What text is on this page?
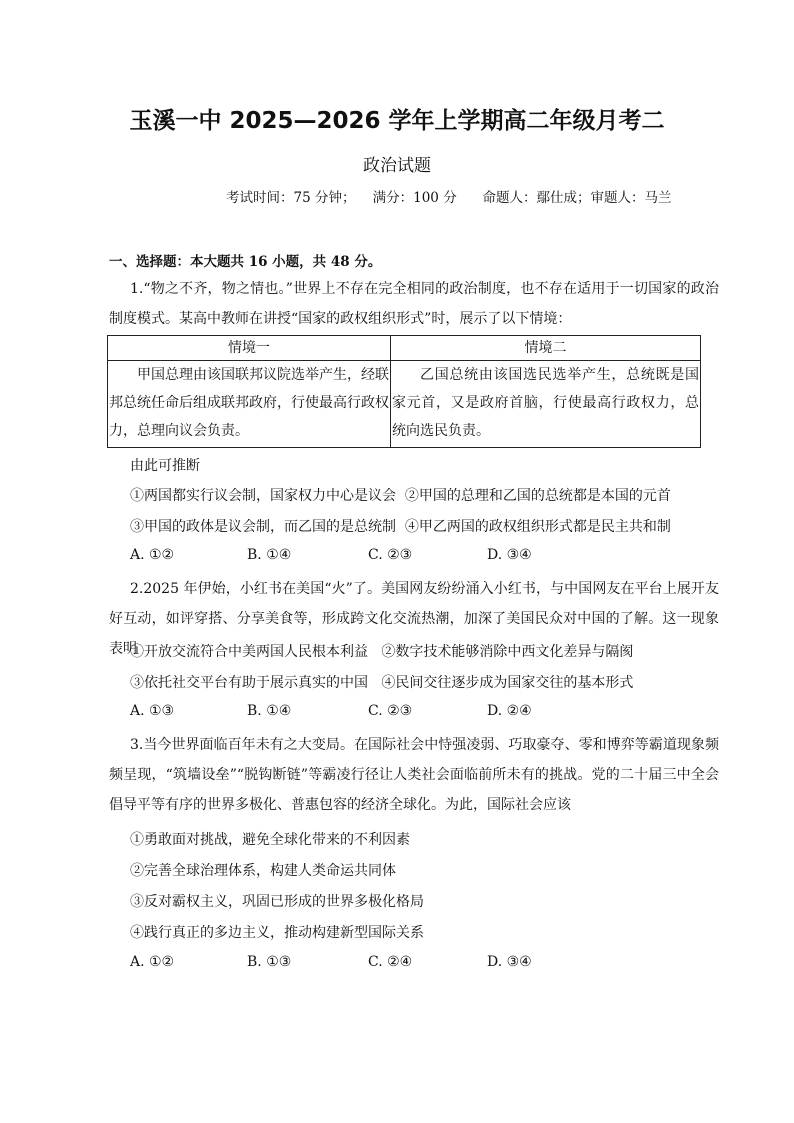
玉溪一中 2025—2026 学年上学期高二年级月考二
政治试题
考试时间：75 分钟；    满分：100 分      命题人：鄢仕成；审题人：马兰
一、选择题：本大题共 16 小题，共 48 分。
1.“物之不齐，物之情也。”世界上不存在完全相同的政治制度，也不存在适用于一切国家的政治制度模式。某高中教师在讲授“国家的政权组织形式”时，展示了以下情境：
情境一	情境二
甲国总理由该国联邦议院选举产生，经联邦总统任命后组成联邦政府，行使最高行政权力，总理向议会负责。	乙国总统由该国选民选举产生，总统既是国家元首，又是政府首脑，行使最高行政权力，总统向选民负责。
由此可推断
①两国都实行议会制，国家权力中心是议会  ②甲国的总理和乙国的总统都是本国的元首
③甲国的政体是议会制，而乙国的是总统制  ④甲乙两国的政权组织形式都是民主共和制
A. ①②	B. ①④	C. ②③	D. ③④
2.2025 年伊始，小红书在美国“火”了。美国网友纷纷涌入小红书，与中国网友在平台上展开友好互动，如评穿搭、分享美食等，形成跨文化交流热潮，加深了美国民众对中国的了解。这一现象表明
①开放交流符合中美两国人民根本利益   ②数字技术能够消除中西文化差异与隔阂
③依托社交平台有助于展示真实的中国   ④民间交往逐步成为国家交往的基本形式
A. ①③	B. ①④	C. ②③	D. ②④
3.当今世界面临百年未有之大变局。在国际社会中恃强凌弱、巧取豪夺、零和博弈等霸道现象频频呈现，“筑墙设垒”“脱钩断链”等霸凌行径让人类社会面临前所未有的挑战。党的二十届三中全会倡导平等有序的世界多极化、普惠包容的经济全球化。为此，国际社会应该
①勇敢面对挑战，避免全球化带来的不利因素
②完善全球治理体系，构建人类命运共同体
③反对霸权主义，巩固已形成的世界多极化格局
④践行真正的多边主义，推动构建新型国际关系
A. ①②	B. ①③	C. ②④	D. ③④
